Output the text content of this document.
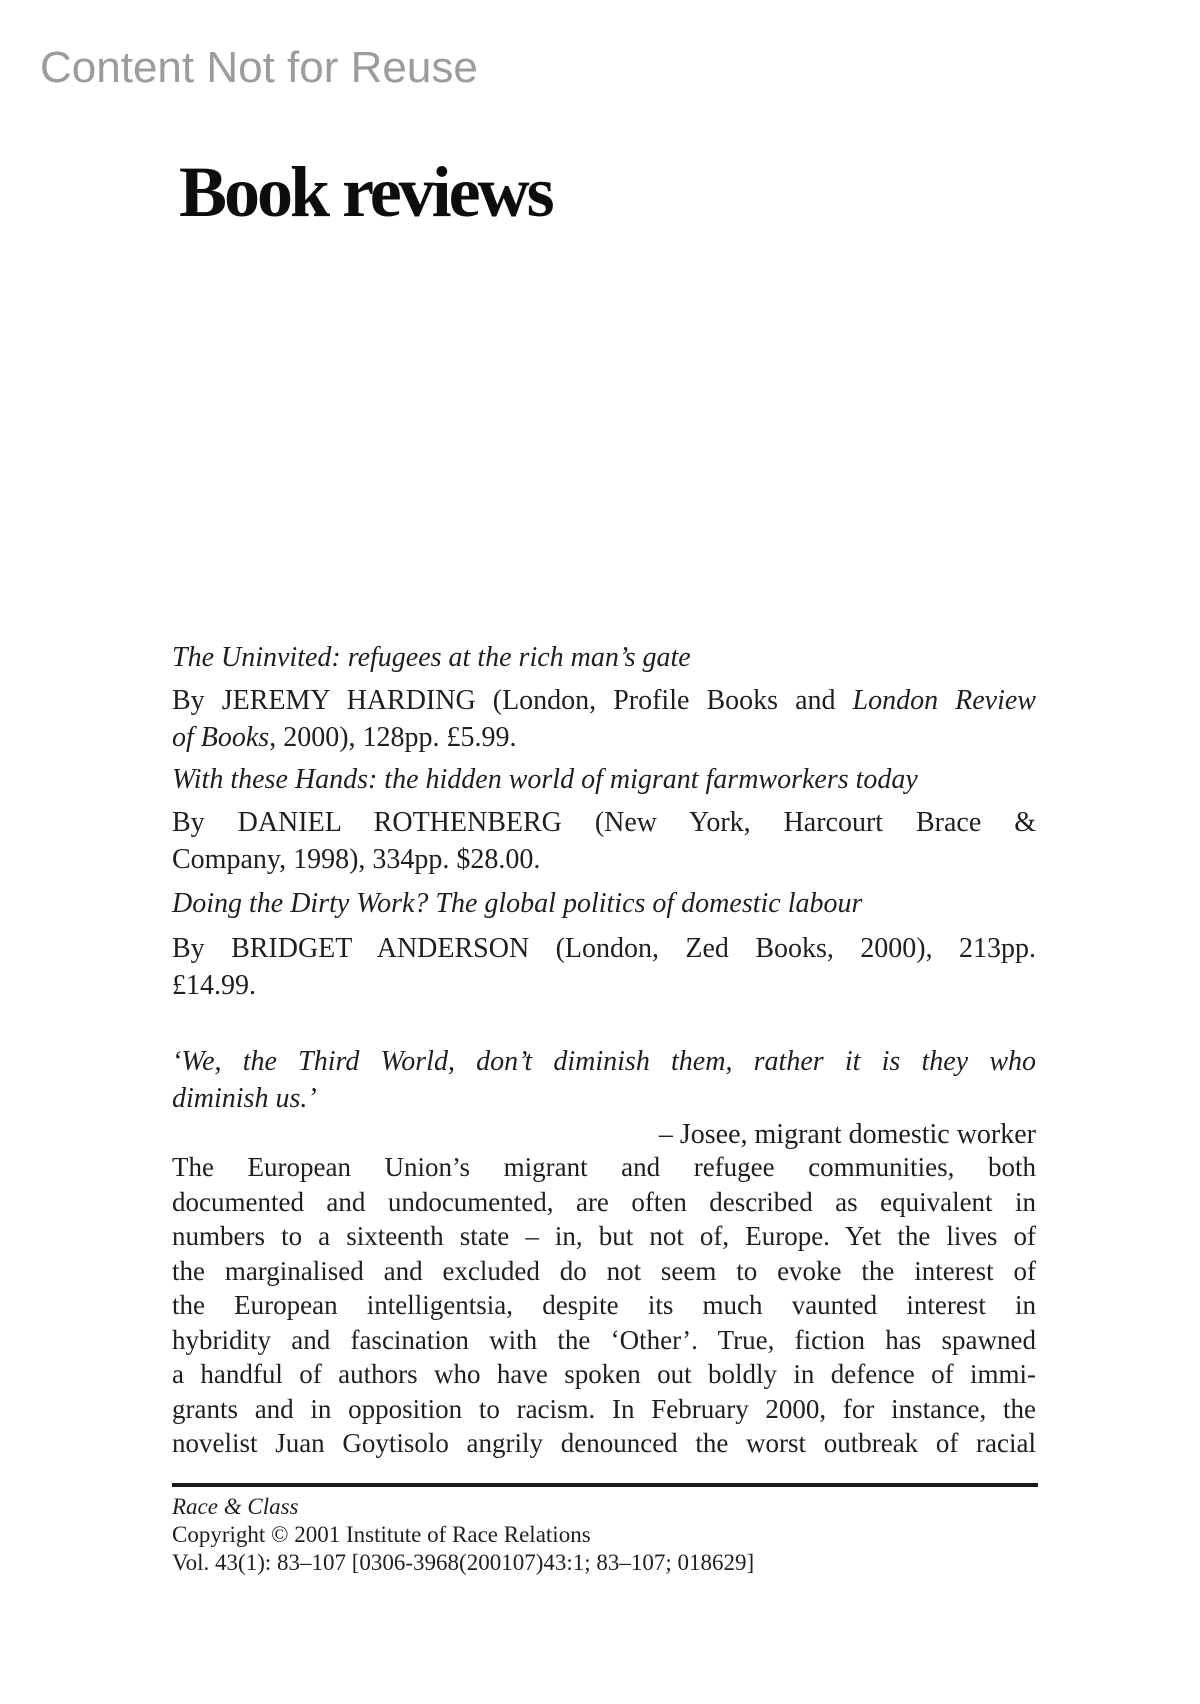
Content Not for Reuse
Book reviews
The Uninvited: refugees at the rich man’s gate
By JEREMY HARDING (London, Profile Books and London Review
of Books, 2000), 128pp. £5.99.
With these Hands: the hidden world of migrant farmworkers today
By DANIEL ROTHENBERG (New York, Harcourt Brace &
Company, 1998), 334pp. $28.00.
Doing the Dirty Work? The global politics of domestic labour
By BRIDGET ANDERSON (London, Zed Books, 2000), 213pp.
£14.99.
‘We, the Third World, don’t diminish them, rather it is they who
diminish us.’
– Josee, migrant domestic worker
The European Union’s migrant and refugee communities, both
documented and undocumented, are often described as equivalent in
numbers to a sixteenth state – in, but not of, Europe. Yet the lives of
the marginalised and excluded do not seem to evoke the interest of
the European intelligentsia, despite its much vaunted interest in
hybridity and fascination with the ‘Other’. True, fiction has spawned
a handful of authors who have spoken out boldly in defence of immi-
grants and in opposition to racism. In February 2000, for instance, the
novelist Juan Goytisolo angrily denounced the worst outbreak of racial
Race & Class
Copyright © 2001 Institute of Race Relations
Vol. 43(1): 83–107 [0306-3968(200107)43:1; 83–107; 018629]
